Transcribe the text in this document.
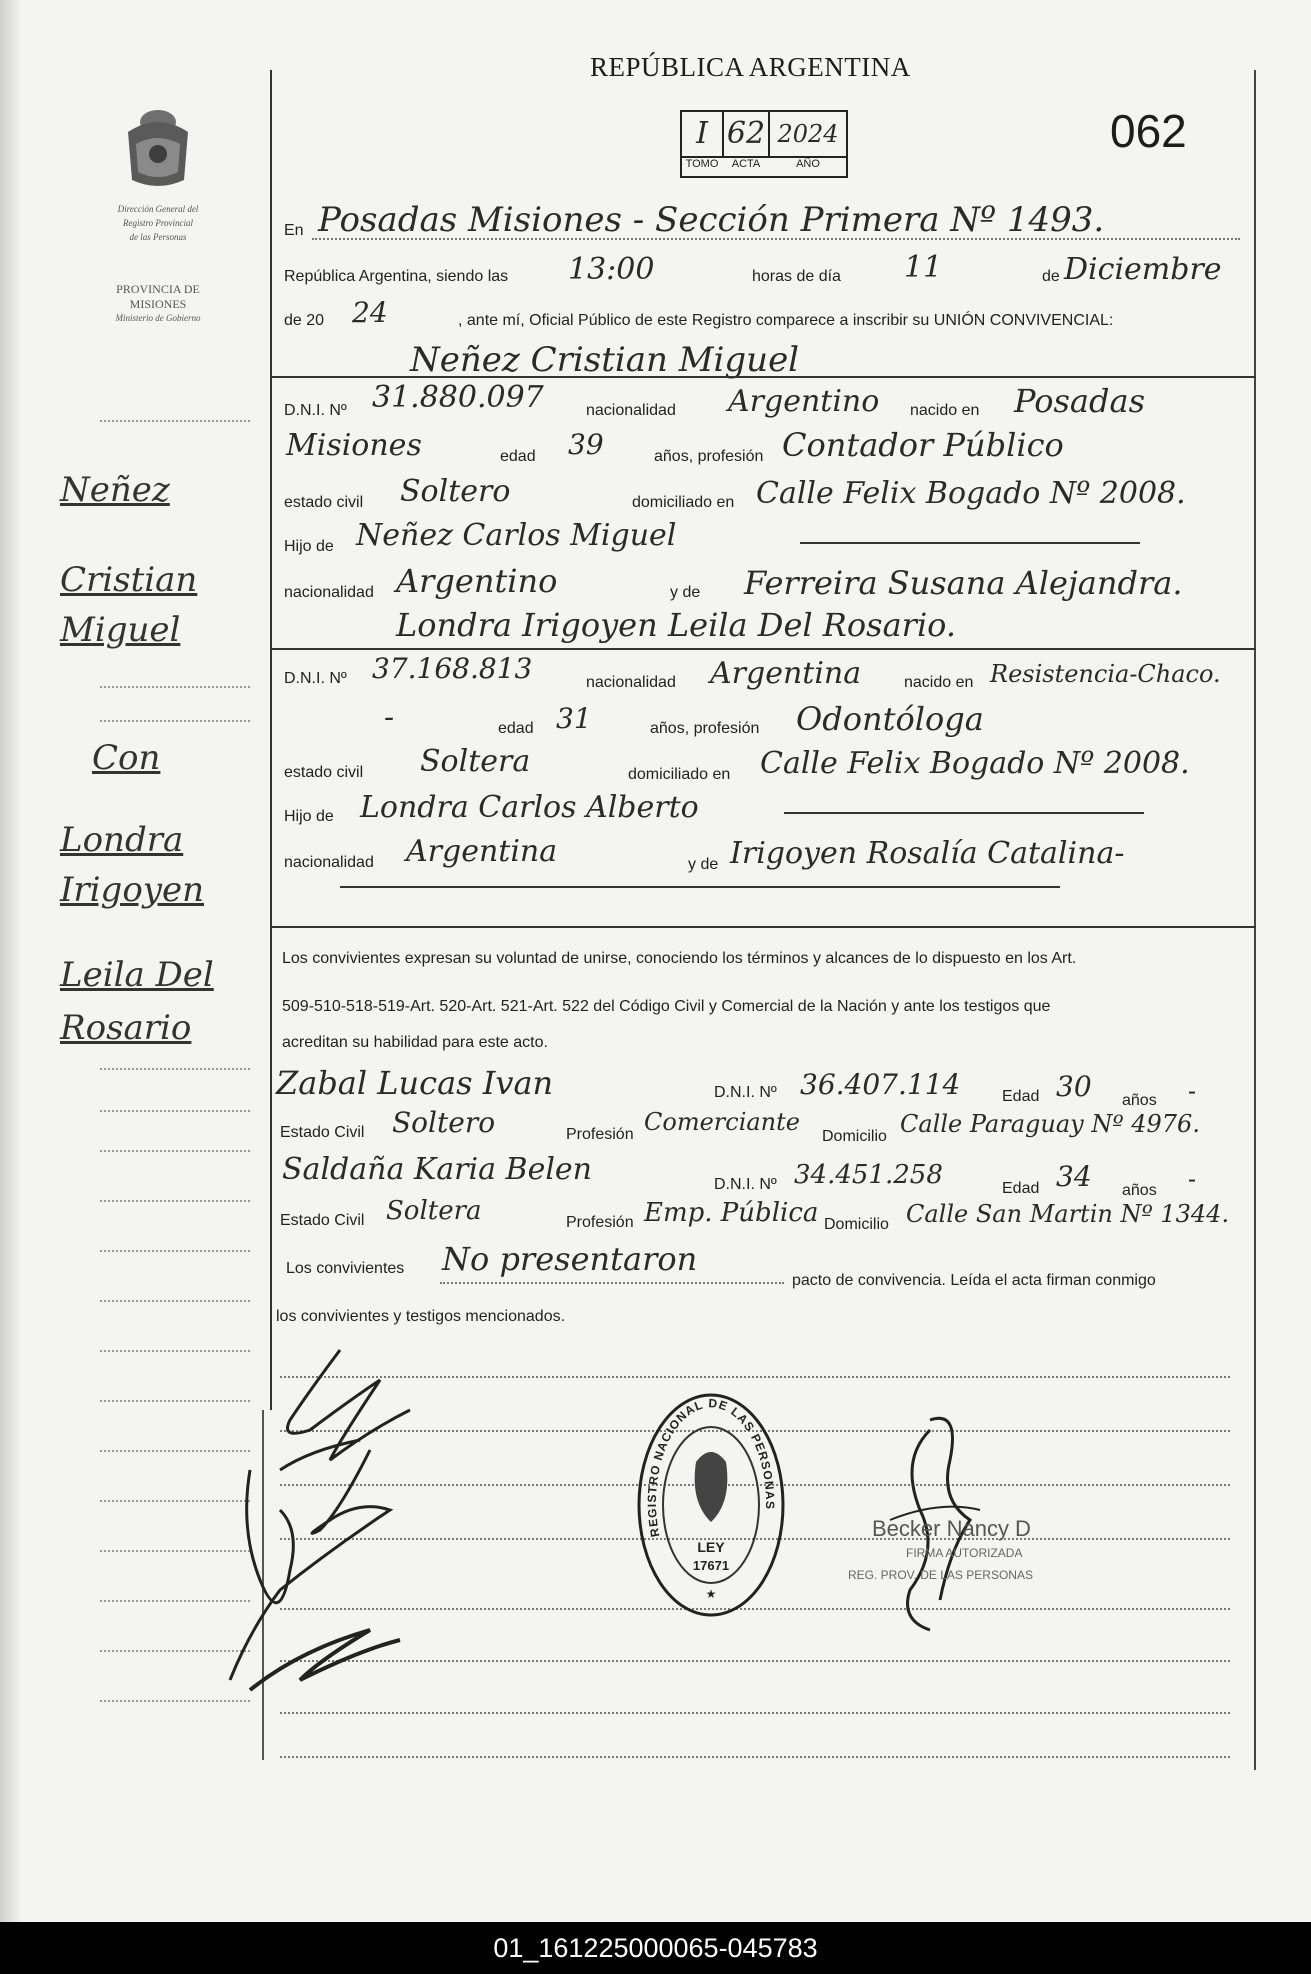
REPÚBLICA ARGENTINA
I 62 2024
TOMO	ACTA	AÑO
062
Dirección General del
Registro Provincial
de las Personas
PROVINCIA DE
MISIONES
Ministerio de Gobierno
Neñez
Cristian
Miguel
Con
Londra
Irigoyen
Leila Del
Rosario
En Posadas Misiones - Sección Primera Nº 1493.
República Argentina, siendo las 13:00	horas de día 11	de Diciembre
de 20 24	, ante mí, Oficial Público de este Registro comparece a inscribir su UNIÓN CONVIVENCIAL:
Neñez Cristian Miguel
D.N.I. Nº 31.880.097	nacionalidad Argentino nacido en Posadas
Misiones	edad 39	años, profesión Contador Público
estado civil Soltero	domiciliado en Calle Felix Bogado Nº 2008.
Hijo de Neñez Carlos Miguel
nacionalidad Argentino	y de Ferreira Susana Alejandra.
Londra Irigoyen Leila Del Rosario.
D.N.I. Nº 37.168.813	nacionalidad Argentina	nacido en Resistencia-Chaco.
-	edad 31	años, profesión Odontóloga
estado civil Soltera	domiciliado en Calle Felix Bogado Nº 2008.
Hijo de Londra Carlos Alberto
nacionalidad Argentina	y de Irigoyen Rosalía Catalina-
Los convivientes expresan su voluntad de unirse, conociendo los términos y alcances de lo dispuesto en los Art.
509-510-518-519-Art. 520-Art. 521-Art. 522 del Código Civil y Comercial de la Nación y ante los testigos que
acreditan su habilidad para este acto.
Zabal Lucas Ivan	D.N.I. Nº 36.407.114	Edad 30 años -
Estado Civil Soltero	Profesión Comerciante
Domicilio Calle Paraguay Nº 4976.
Saldaña Karia Belen	D.N.I. Nº 34.451.258	Edad 34 años -
Estado Civil Soltera	Profesión Emp. Pública Domicilio Calle San Martin Nº 1344.
Los convivientes No presentaron
pacto de convivencia. Leída el acta firman conmigo
los convivientes y testigos mencionados.
REGISTRO NACIONAL DE LAS PERSONAS
LEY
17671
★
Becker Nancy D
FIRMA AUTORIZADA
REG. PROV. DE LAS PERSONAS
01_161225000065-045783
